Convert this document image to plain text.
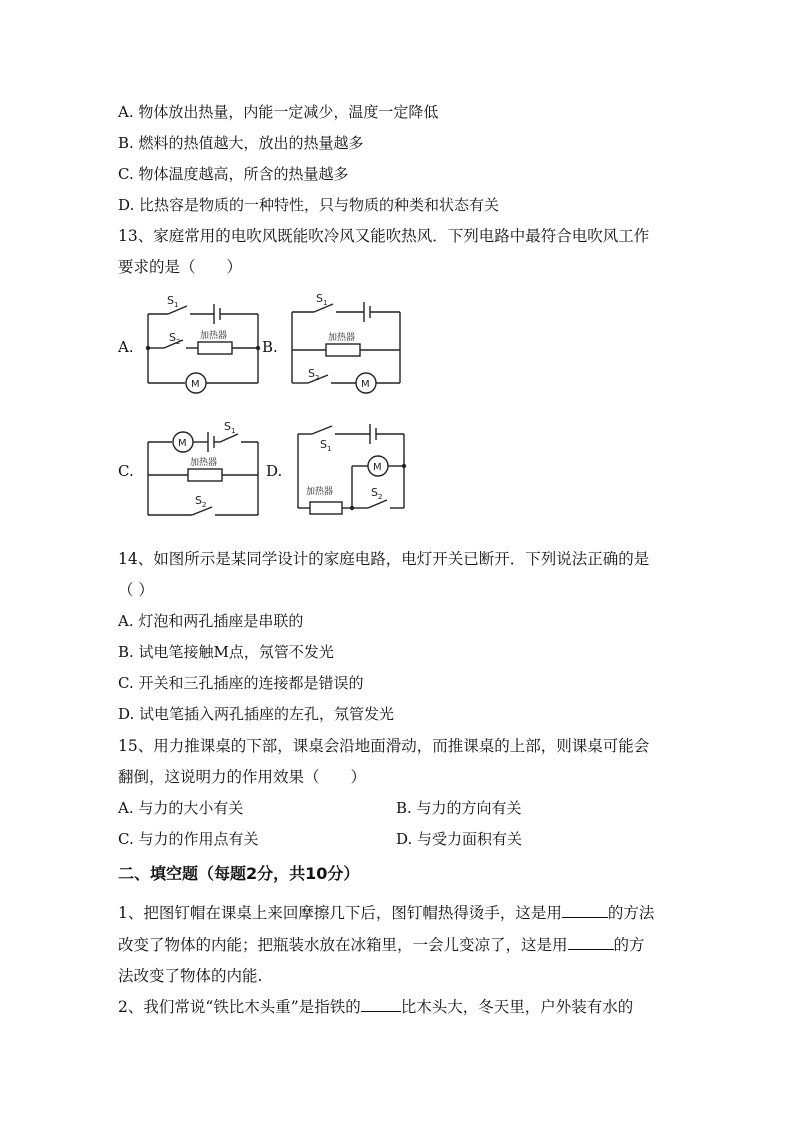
A. 物体放出热量，内能一定减少，温度一定降低
B. 燃料的热值越大，放出的热量越多
C. 物体温度越高，所含的热量越多
D. 比热容是物质的一种特性，只与物质的种类和状态有关
13、家庭常用的电吹风既能吹冷风又能吹热风．下列电路中最符合电吹风工作
要求的是（　　）
A.	B.
C.	D.
S 1
S 2
加热器
M
S 1
加热器
S 2
M
M
S 1
加热器
S 2
S 1
M
加热器	S 2
14、如图所示是某同学设计的家庭电路，电灯开关已断开．下列说法正确的是
（ ）
A. 灯泡和两孔插座是串联的
B. 试电笔接触M点，氖管不发光
C. 开关和三孔插座的连接都是错误的
D. 试电笔插入两孔插座的左孔，氖管发光
15、用力推课桌的下部，课桌会沿地面滑动，而推课桌的上部，则课桌可能会
翻倒，这说明力的作用效果（　　）
A. 与力的大小有关	B. 与力的方向有关
C. 与力的作用点有关	D. 与受力面积有关
二、填空题（每题2分，共10分）
1、把图钉帽在课桌上来回摩擦几下后，图钉帽热得烫手，这是用	的方法
改变了物体的内能；把瓶装水放在冰箱里，一会儿变凉了，这是用	的方
法改变了物体的内能.
2、我们常说“铁比木头重”是指铁的	比木头大，冬天里，户外装有水的
